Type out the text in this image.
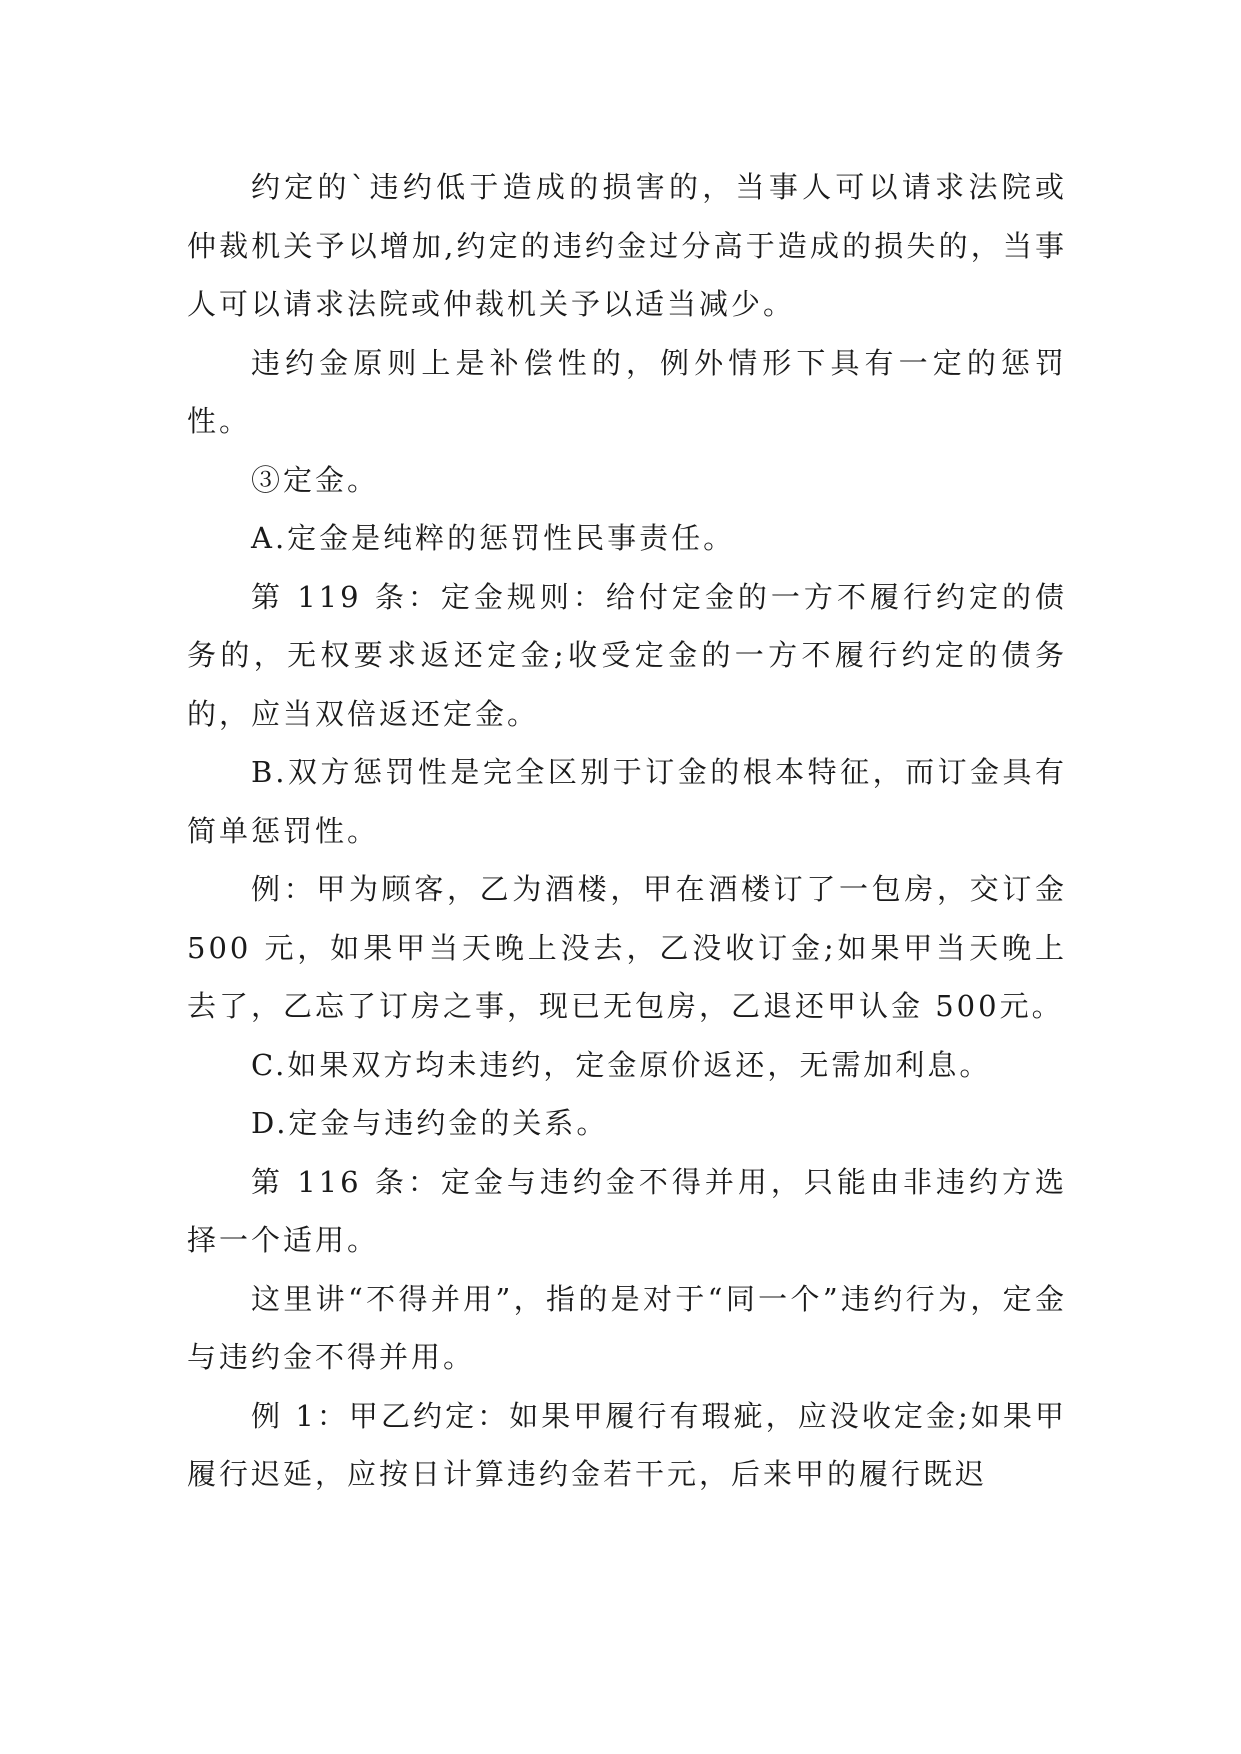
约定的`违约低于造成的损害的，当事人可以请求法院或仲裁机关予以增加,约定的违约金过分高于造成的损失的，当事人可以请求法院或仲裁机关予以适当减少。

违约金原则上是补偿性的，例外情形下具有一定的惩罚性。

③定金。

A.定金是纯粹的惩罚性民事责任。

第 119 条：定金规则：给付定金的一方不履行约定的债务的，无权要求返还定金;收受定金的一方不履行约定的债务的，应当双倍返还定金。

B.双方惩罚性是完全区别于订金的根本特征，而订金具有简单惩罚性。

例：甲为顾客，乙为酒楼，甲在酒楼订了一包房，交订金 500 元，如果甲当天晚上没去，乙没收订金;如果甲当天晚上去了，乙忘了订房之事，现已无包房，乙退还甲认金 500元。

C.如果双方均未违约，定金原价返还，无需加利息。

D.定金与违约金的关系。

第 116 条：定金与违约金不得并用，只能由非违约方选择一个适用。

这里讲“不得并用”，指的是对于“同一个”违约行为，定金与违约金不得并用。

例 1：甲乙约定：如果甲履行有瑕疵，应没收定金;如果甲履行迟延，应按日计算违约金若干元，后来甲的履行既迟
